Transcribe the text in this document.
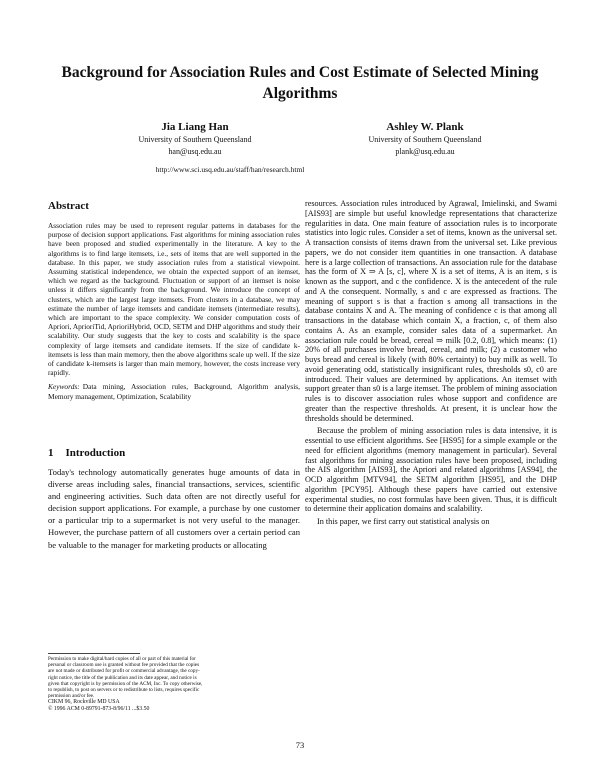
Background for Association Rules and Cost Estimate of Selected Mining Algorithms
Jia Liang Han
University of Southern Queensland
han@usq.edu.au
Ashley W. Plank
University of Southern Queensland
plank@usq.edu.au
http://www.sci.usq.edu.au/staff/han/research.html
Abstract

Association rules may be used to represent regular patterns in databases for the purpose of decision support applications. Fast algorithms for mining association rules have been proposed and studied experimentally in the literature. A key to the algorithms is to find large itemsets, i.e., sets of items that are well supported in the database. In this paper, we study association rules from a statistical viewpoint. Assuming statistical independence, we obtain the expected support of an itemset, which we regard as the background. Fluctuation or support of an itemset is noise unless it differs significantly from the background. We introduce the concept of clusters, which are the largest large itemsets. From clusters in a database, we may estimate the number of large itemsets and candidate itemsets (intermediate results), which are important to the space complexity. We consider computation costs of Apriori, AprioriTid, AprioriHybrid, OCD, SETM and DHP algorithms and study their scalability. Our study suggests that the key to costs and scalability is the space complexity of large itemsets and candidate itemsets. If the size of candidate k-itemsets is less than main memory, then the above algorithms scale up well. If the size of candidate k-itemsets is larger than main memory, however, the costs increase very rapidly.

Keywords: Data mining, Association rules, Background, Algorithm analysis, Memory management, Optimization, Scalability

1 Introduction
Today's technology automatically generates huge amounts of data in diverse areas including sales, financial transactions, services, scientific and engineering activities. Such data often are not directly useful for decision support applications. For example, a purchase by one customer or a particular trip to a supermarket is not very useful to the manager. However, the purchase pattern of all customers over a certain period can be valuable to the manager for marketing products or allocating
Permission to make digital/hard copies of all or part of this material for
personal or classroom use is granted without fee provided that the copies
are not made or distributed for profit or commercial advantage, the copy-
right notice, the title of the publication and its date appear, and notice is
given that copyright is by permission of the ACM, Inc. To copy otherwise,
to republish, to post on servers or to redistribute to lists, requires specific
permission and/or fee.
CIKM 96, Rockville MD USA
© 1996 ACM 0-89791-873-8/96/11 ...$3.50

resources. Association rules introduced by Agrawal, Imielinski, and Swami [AIS93] are simple but useful knowledge representations that characterize regularities in data. One main feature of association rules is to incorporate statistics into logic rules. Consider a set of items, known as the universal set. A transaction consists of items drawn from the universal set. Like previous papers, we do not consider item quantities in one transaction. A database here is a large collection of transactions. An association rule for the database has the form of X ⇒ A [s, c], where X is a set of items, A is an item, s is known as the support, and c the confidence. X is the antecedent of the rule and A the consequent. Normally, s and c are expressed as fractions. The meaning of support s is that a fraction s among all transactions in the database contains X and A. The meaning of confidence c is that among all transactions in the database which contain X, a fraction, c, of them also contains A. As an example, consider sales data of a supermarket. An association rule could be bread, cereal ⇒ milk [0.2, 0.8], which means: (1) 20% of all purchases involve bread, cereal, and milk; (2) a customer who buys bread and cereal is likely (with 80% certainty) to buy milk as well. To avoid generating odd, statistically insignificant rules, thresholds s0, c0 are introduced. Their values are determined by applications. An itemset with support greater than s0 is a large itemset. The problem of mining association rules is to discover association rules whose support and confidence are greater than the respective thresholds. At present, it is unclear how the thresholds should be determined.

Because the problem of mining association rules is data intensive, it is essential to use efficient algorithms. See [HS95] for a simple example or the need for efficient algorithms (memory management in particular). Several fast algorithms for mining association rules have been proposed, including the AIS algorithm [AIS93], the Apriori and related algorithms [AS94], the OCD algorithm [MTV94], the SETM algorithm [HS95], and the DHP algorithm [PCY95]. Although these papers have carried out extensive experimental studies, no cost formulas have been given. Thus, it is difficult to determine their application domains and scalability.

In this paper, we first carry out statistical analysis on

73
